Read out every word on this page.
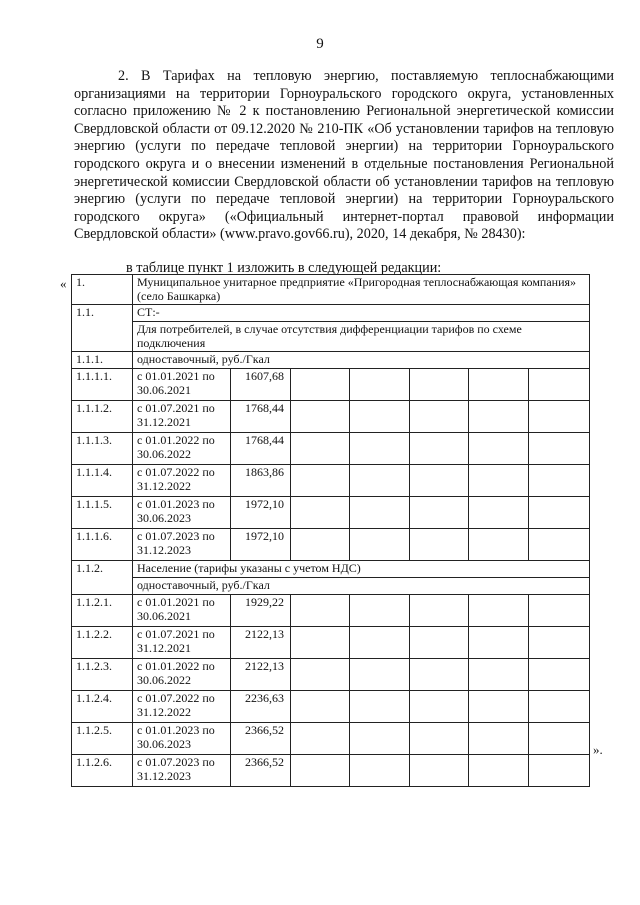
9

2. В Тарифах на тепловую энергию, поставляемую теплоснабжающими организациями на территории Горноуральского городского округа, установленных согласно приложению № 2 к постановлению Региональной энергетической комиссии Свердловской области от 09.12.2020 № 210-ПК «Об установлении тарифов на тепловую энергию (услуги по передаче тепловой энергии) на территории Горноуральского городского округа и о внесении изменений в отдельные постановления Региональной энергетической комиссии Свердловской области об установлении тарифов на тепловую энергию (услуги по передаче тепловой энергии) на территории Горноуральского городского округа» («Официальный интернет-портал правовой информации Свердловской области» (www.pravo.gov66.ru), 2020, 14 декабря, № 28430):

в таблице пункт 1 изложить в следующей редакции:
«
».
1.	Муниципальное унитарное предприятие «Пригородная теплоснабжающая компания» (село Башкарка)						
1.1.	СТ:-						
	Для потребителей, в случае отсутствия дифференциации тарифов по схеме подключения						
1.1.1.	одноставочный, руб./Гкал						
1.1.1.1.	с 01.01.2021 по 30.06.2021	1607,68					
1.1.1.2.	с 01.07.2021 по 31.12.2021	1768,44					
1.1.1.3.	с 01.01.2022 по 30.06.2022	1768,44					
1.1.1.4.	с 01.07.2022 по 31.12.2022	1863,86					
1.1.1.5.	с 01.01.2023 по 30.06.2023	1972,10					
1.1.1.6.	с 01.07.2023 по 31.12.2023	1972,10					
1.1.2.	Население (тарифы указаны с учетом НДС)						
	одноставочный, руб./Гкал						
1.1.2.1.	с 01.01.2021 по 30.06.2021	1929,22					
1.1.2.2.	с 01.07.2021 по 31.12.2021	2122,13					
1.1.2.3.	с 01.01.2022 по 30.06.2022	2122,13					
1.1.2.4.	с 01.07.2022 по 31.12.2022	2236,63					
1.1.2.5.	с 01.01.2023 по 30.06.2023	2366,52					
1.1.2.6.	с 01.07.2023 по 31.12.2023	2366,52					
